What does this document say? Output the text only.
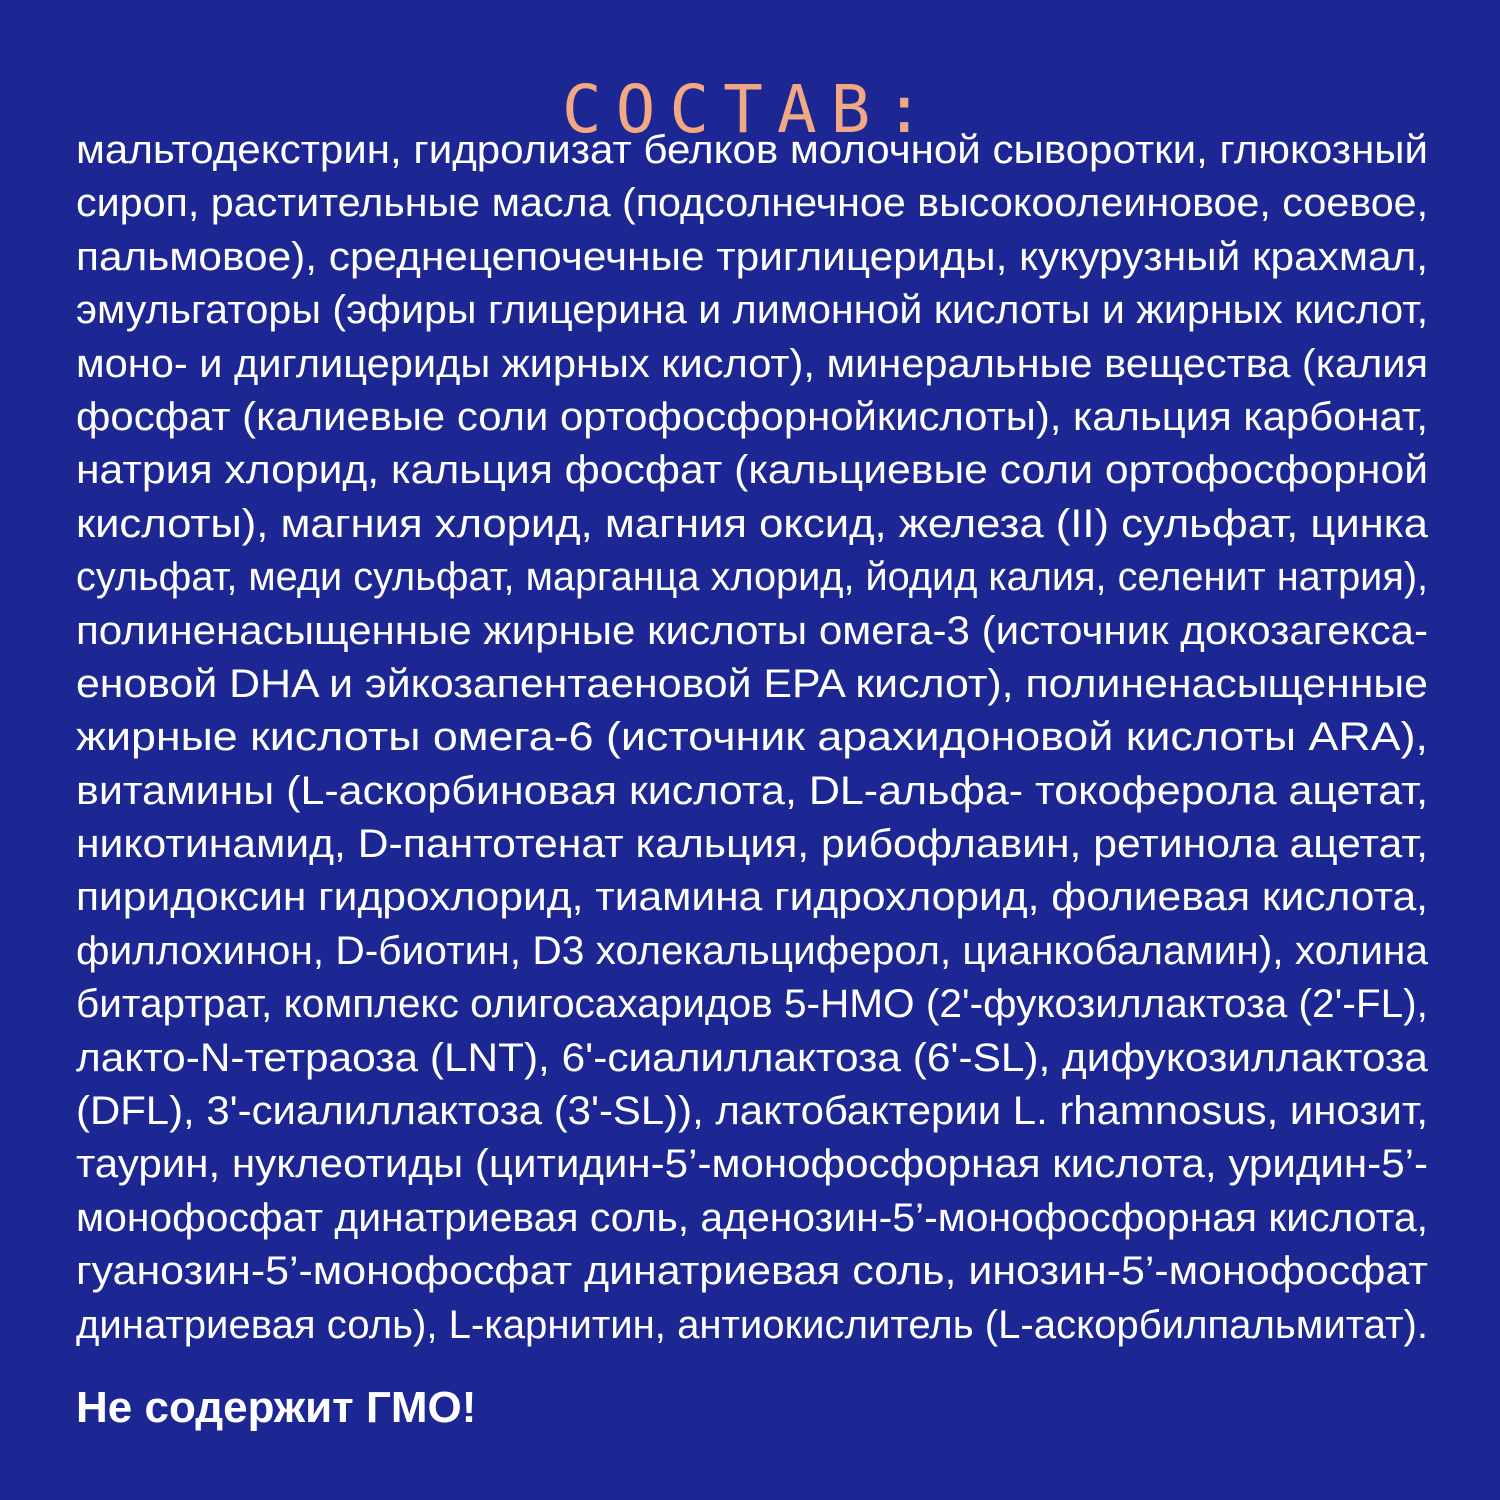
СОСТАВ:
мальтодекстрин, гидролизат белков молочной сыворотки, глюкозный
сироп, растительные масла (подсолнечное высокоолеиновое, соевое,
пальмовое), среднецепочечные триглицериды, кукурузный крахмал,
эмульгаторы (эфиры глицерина и лимонной кислоты и жирных кислот,
моно- и диглицериды жирных кислот), минеральные вещества (калия
фосфат (калиевые соли ортофосфорнойкислоты), кальция карбонат,
натрия хлорид, кальция фосфат (кальциевые соли ортофосфорной
кислоты), магния хлорид, магния оксид, железа (II) сульфат, цинка
сульфат, меди сульфат, марганца хлорид, йодид калия, селенит натрия),
полиненасыщенные жирные кислоты омега-3 (источник докозагекса-
еновой DHA и эйкозапентаеновой EPA кислот), полиненасыщенные
жирные кислоты омега-6 (источник арахидоновой кислоты ARA),
витамины (L-аскорбиновая кислота, DL-альфа- токоферола ацетат,
никотинамид, D-пантотенат кальция, рибофлавин, ретинола ацетат,
пиридоксин гидрохлорид, тиамина гидрохлорид, фолиевая кислота,
филлохинон, D-биотин, D3 холекальциферол, цианкобаламин), холина
битартрат, комплекс олигосахаридов 5-HMO (2'-фукозиллактоза (2'-FL),
лакто-N-тетраоза (LNT), 6'-сиалиллактоза (6'-SL), дифукозиллактоза
(DFL), 3'-сиалиллактоза (3'-SL)), лактобактерии L. rhamnosus, инозит,
таурин, нуклеотиды (цитидин-5’-монофосфорная кислота, уридин-5’-
монофосфат динатриевая соль, аденозин-5’-монофосфорная кислота,
гуанозин-5’-монофосфат динатриевая соль, инозин-5’-монофосфат
динатриевая соль), L-карнитин, антиокислитель (L-аскорбилпальмитат).
Не содержит ГМО!
